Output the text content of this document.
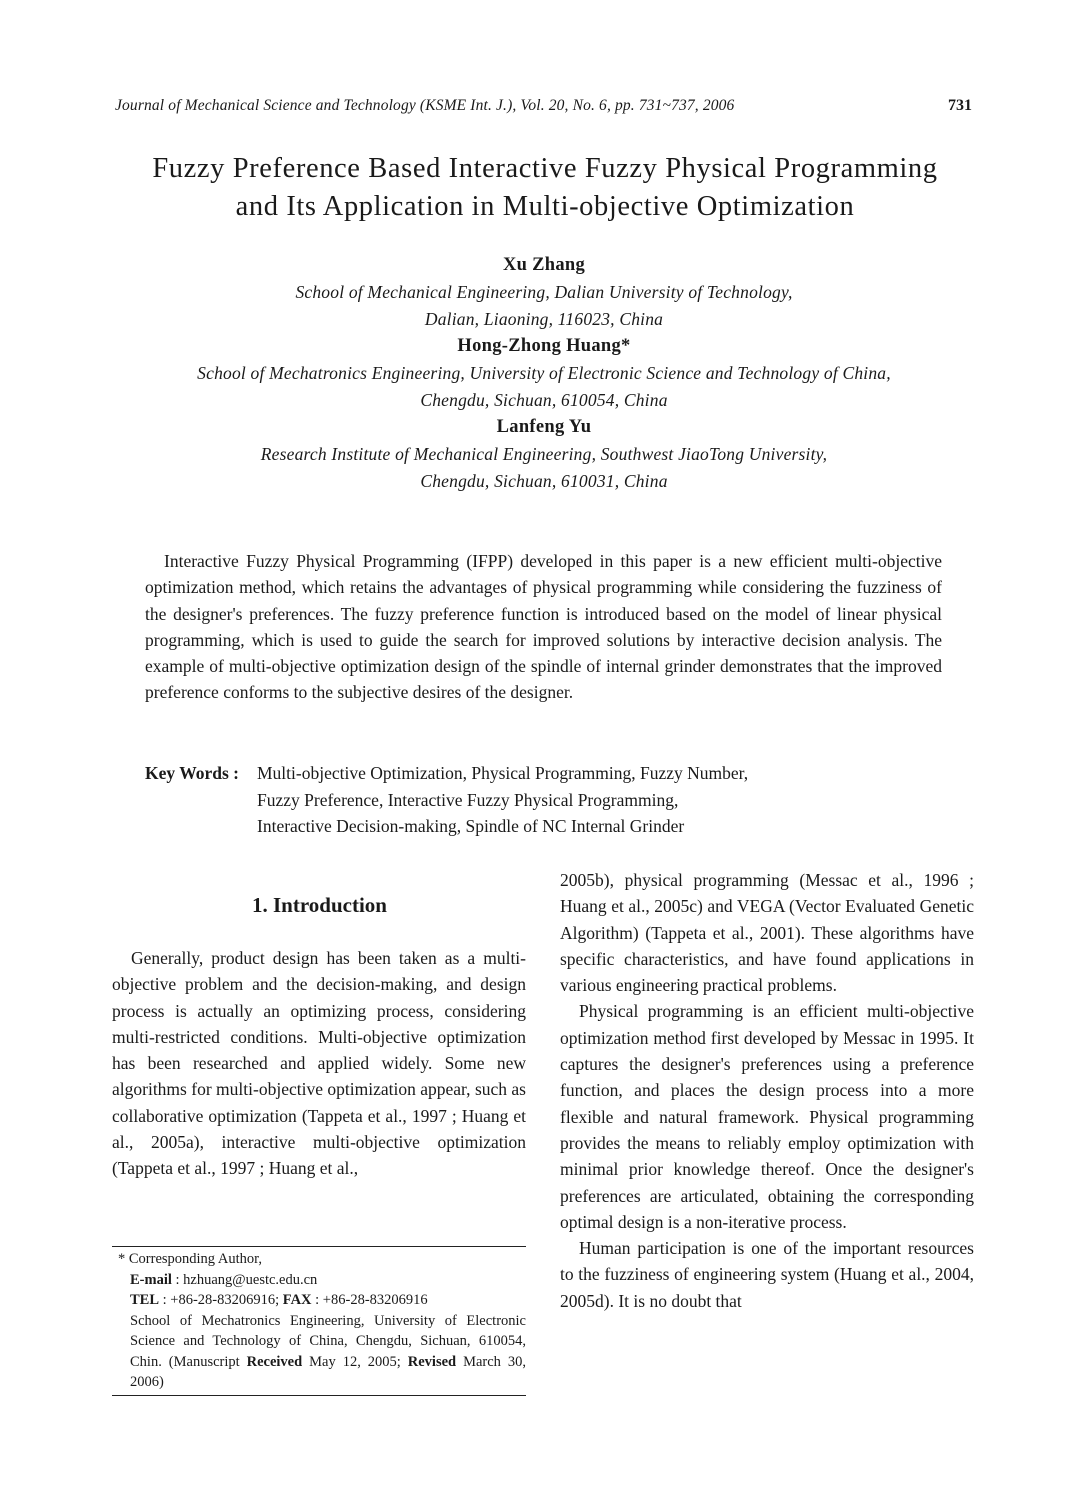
Journal of Mechanical Science and Technology (KSME Int. J.), Vol. 20, No. 6, pp. 731~737, 2006	731
Fuzzy Preference Based Interactive Fuzzy Physical Programming
and Its Application in Multi-objective Optimization
Xu Zhang
School of Mechanical Engineering, Dalian University of Technology,
Dalian, Liaoning, 116023, China
Hong-Zhong Huang*
School of Mechatronics Engineering, University of Electronic Science and Technology of China,
Chengdu, Sichuan, 610054, China
Lanfeng Yu
Research Institute of Mechanical Engineering, Southwest JiaoTong University,
Chengdu, Sichuan, 610031, China

Interactive Fuzzy Physical Programming (IFPP) developed in this paper is a new efficient multi-objective optimization method, which retains the advantages of physical programming while considering the fuzziness of the designer's preferences. The fuzzy preference function is introduced based on the model of linear physical programming, which is used to guide the search for improved solutions by interactive decision analysis. The example of multi-objective optimization design of the spindle of internal grinder demonstrates that the improved preference conforms to the subjective desires of the designer.

Key Words : Multi-objective Optimization, Physical Programming, Fuzzy Number,
Fuzzy Preference, Interactive Fuzzy Physical Programming,
Interactive Decision-making, Spindle of NC Internal Grinder
1. Introduction

Generally, product design has been taken as a multi-objective problem and the decision-making, and design process is actually an optimizing process, considering multi-restricted conditions. Multi-objective optimization has been researched and applied widely. Some new algorithms for multi-objective optimization appear, such as collaborative optimization (Tappeta et al., 1997 ; Huang et al., 2005a), interactive multi-objective optimization (Tappeta et al., 1997 ; Huang et al.,

2005b), physical programming (Messac et al., 1996 ; Huang et al., 2005c) and VEGA (Vector Evaluated Genetic Algorithm) (Tappeta et al., 2001). These algorithms have specific characteristics, and have found applications in various engineering practical problems.

Physical programming is an efficient multi-objective optimization method first developed by Messac in 1995. It captures the designer's preferences using a preference function, and places the design process into a more flexible and natural framework. Physical programming provides the means to reliably employ optimization with minimal prior knowledge thereof. Once the designer's preferences are articulated, obtaining the corresponding optimal design is a non-iterative process.

Human participation is one of the important resources to the fuzziness of engineering system (Huang et al., 2004, 2005d). It is no doubt that

* Corresponding Author,
E-mail : hzhuang@uestc.edu.cn
TEL : +86-28-83206916; FAX : +86-28-83206916
School of Mechatronics Engineering, University of Electronic Science and Technology of China, Chengdu, Sichuan, 610054, Chin. (Manuscript Received May 12, 2005; Revised March 30, 2006)
